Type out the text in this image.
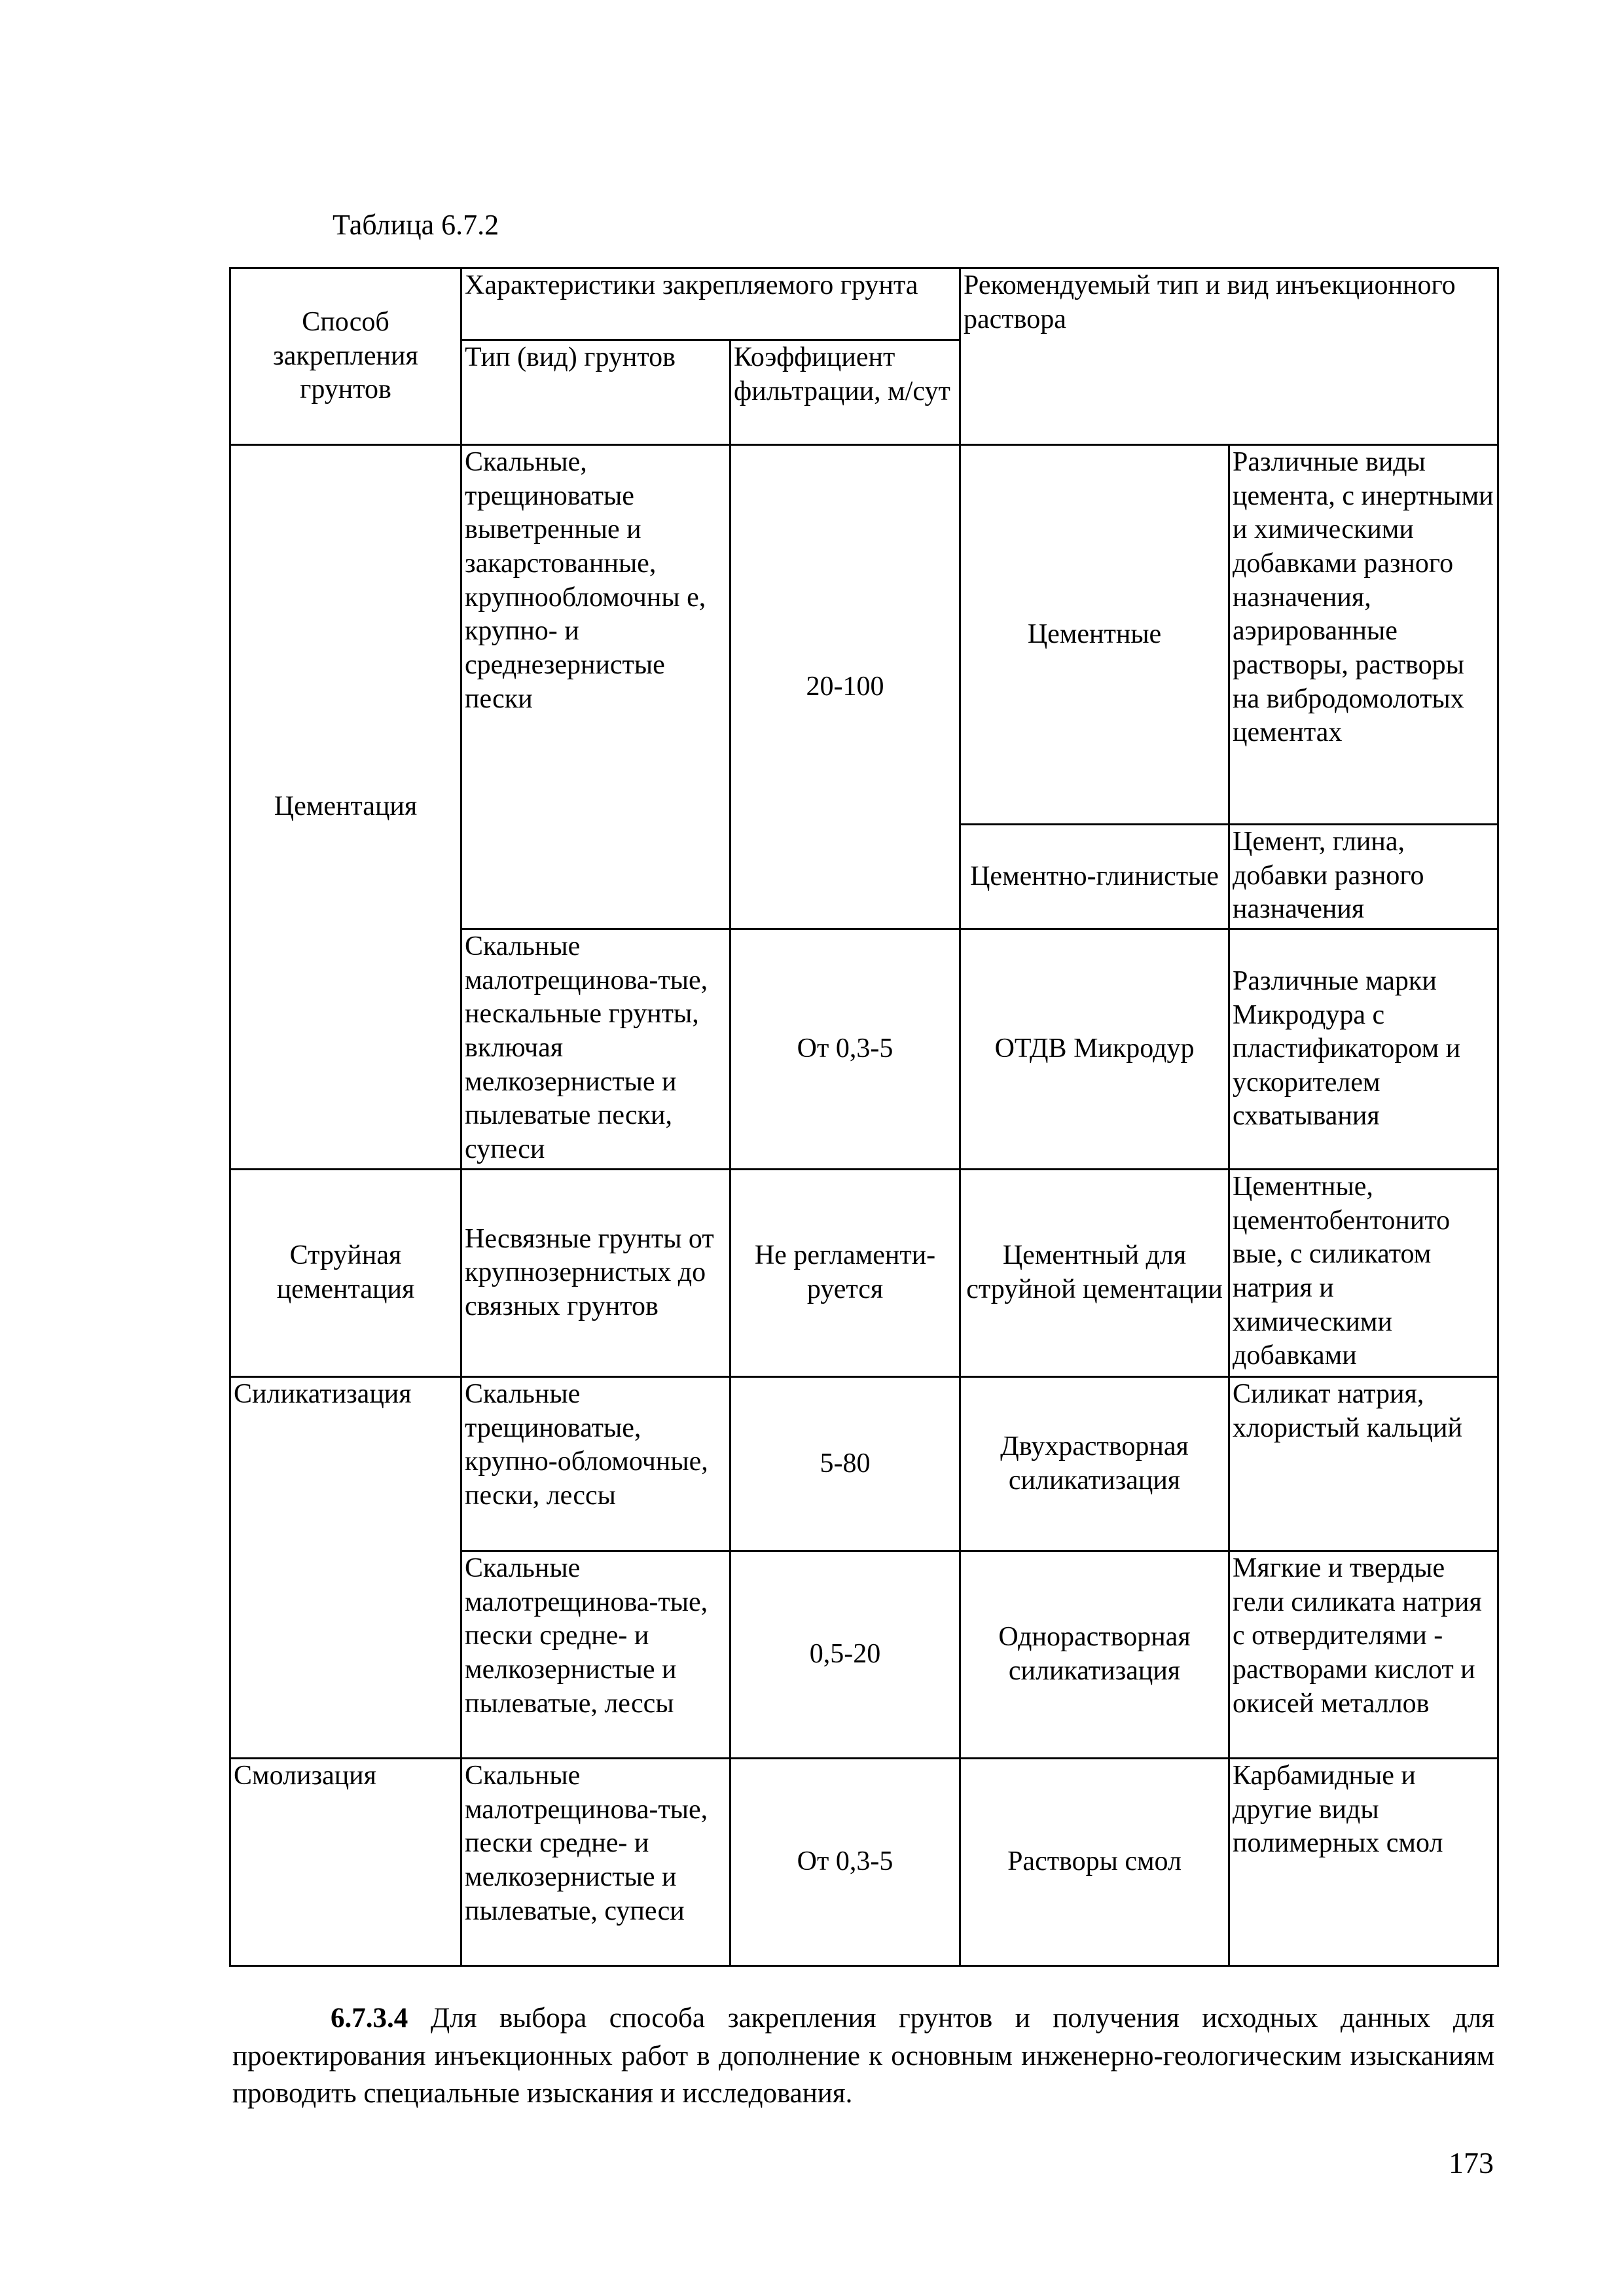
Таблица 6.7.2
Способ закрепления грунтов	Характеристики закрепляемого грунта		Рекомендуемый тип и вид инъекционного раствора	
	Тип (вид) грунтов	Коэффициент фильтрации, м/сут		
Цементация	Скальные, трещиноватые выветренные и закарстованные, крупнообломочны е, крупно- и среднезернистые пески	20-100	Цементные	Различные виды цемента, с инертными и химическими добавками разного назначения, аэрированные растворы, растворы на вибродомолотых цементах
			Цементно-глинистые	Цемент, глина, добавки разного назначения
	Скальные малотрещинова-тые, нескальные грунты, включая мелкозернистые и пылеватые пески, супеси	От 0,3-5	ОТДВ Микродур	Различные марки Микродура с пластификатором и ускорителем схватывания
Струйная цементация	Несвязные грунты от крупнозернистых до связных грунтов	Не регламенти-руется	Цементный для струйной цементации	Цементные, цементобентонито вые, с силикатом натрия и химическими добавками
Силикатизация	Скальные трещиноватые, крупно-обломочные, пески, лессы	5-80	Двухрастворная силикатизация	Силикат натрия, хлористый кальций
	Скальные малотрещинова-тые, пески средне- и мелкозернистые и пылеватые, лессы	0,5-20	Однорастворная силикатизация	Мягкие и твердые гели силиката натрия с отвердителями - растворами кислот и окисей металлов
Смолизация	Скальные малотрещинова-тые, пески средне- и мелкозернистые и пылеватые, супеси	От 0,3-5	Растворы смол	Карбамидные и другие виды полимерных смол

6.7.3.4 Для выбора способа закрепления грунтов и получения исходных данных для проектирования инъекционных работ в дополнение к основным инженерно-геологическим изысканиям проводить специальные изыскания и исследования.

173
